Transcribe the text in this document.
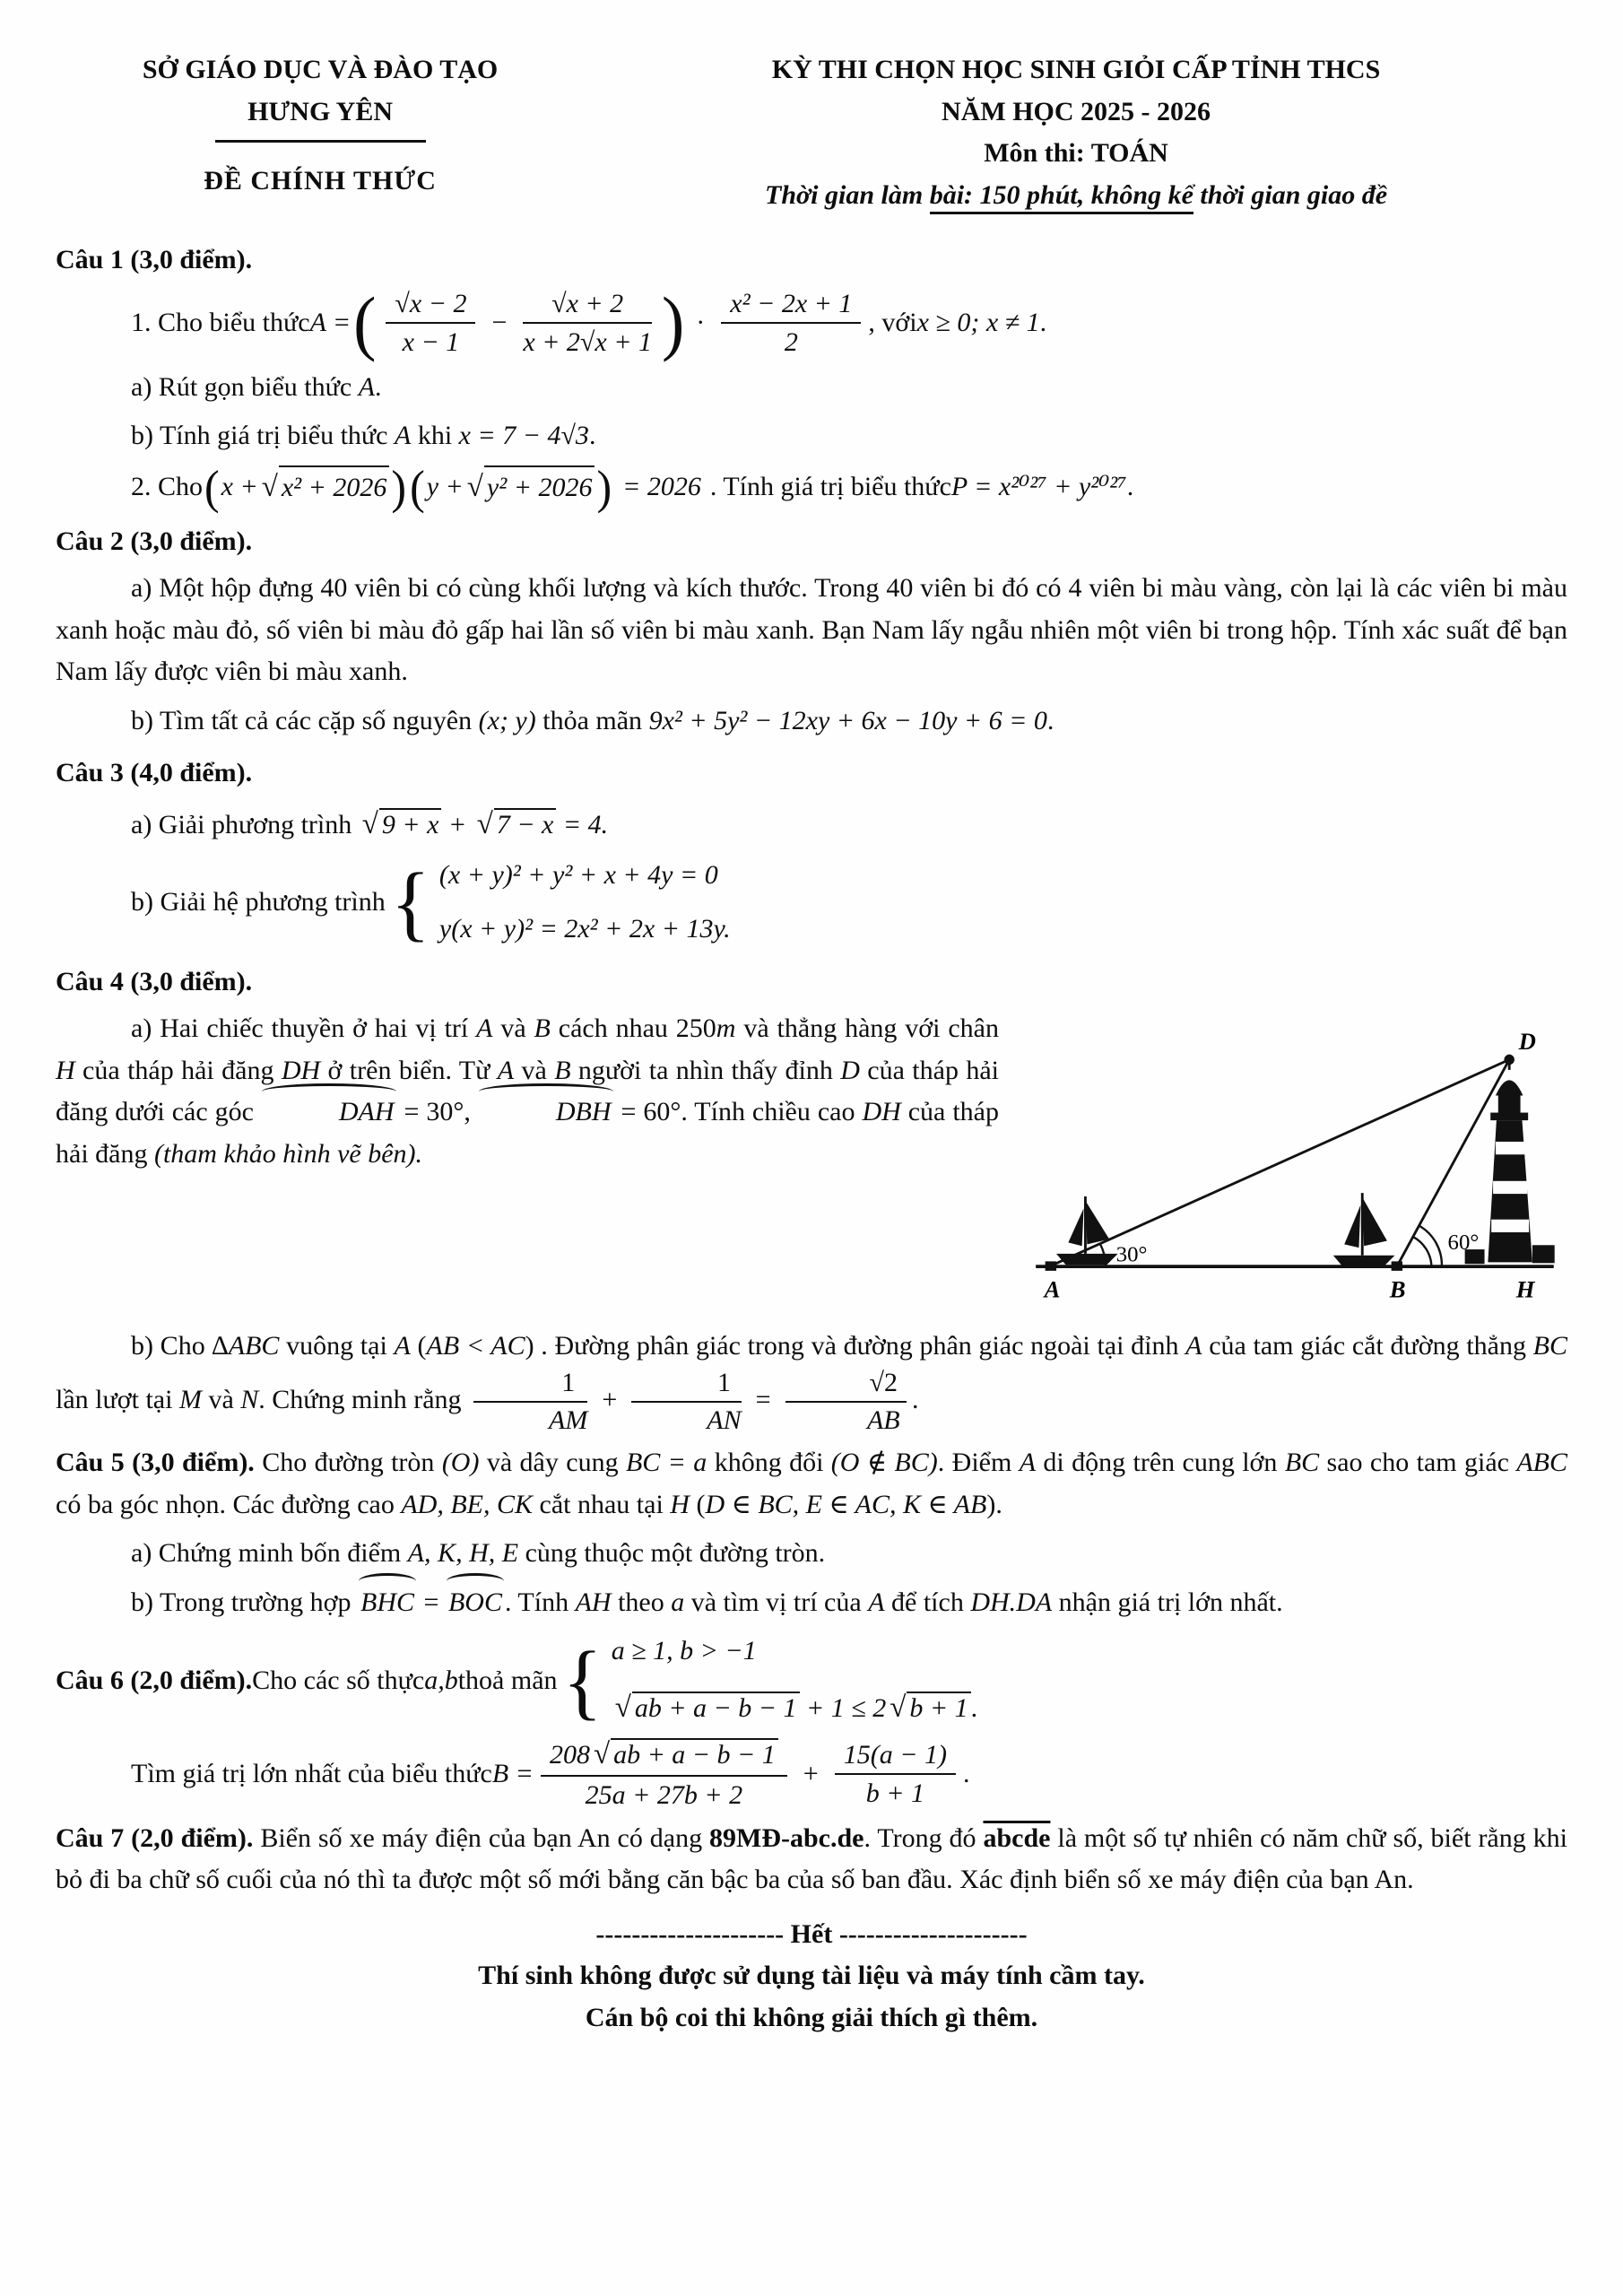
SỞ GIÁO DỤC VÀ ĐÀO TẠO
HƯNG YÊN
ĐỀ CHÍNH THỨC
KỲ THI CHỌN HỌC SINH GIỎI CẤP TỈNH THCS
NĂM HỌC 2025 - 2026
Môn thi: TOÁN
Thời gian làm bài: 150 phút, không kể thời gian giao đề
Câu 1 (3,0 điểm).
1. Cho biểu thức A = ( $\frac{√x - 2}{x - 1} - \frac{√x + 2}{x + 2√x + 1}$ ) · $\frac{\text{x² − 2x + 1}}{2}$ , với x ≥ 0; x ≠ 1 .
a) Rút gọn biểu thức A.
b) Tính giá trị biểu thức A khi x = 7 − 4√3.
2. Cho ( x + √ x² + 2026 ) ( y + √ y² + 2026 ) = 2026 . Tính giá trị biểu thức P = x²⁰²⁷ + y²⁰²⁷ .
Câu 2 (3,0 điểm).
a) Một hộp đựng 40 viên bi có cùng khối lượng và kích thước. Trong 40 viên bi đó có 4 viên bi màu vàng, còn lại là các viên bi màu xanh hoặc màu đỏ, số viên bi màu đỏ gấp hai lần số viên bi màu xanh. Bạn Nam lấy ngẫu nhiên một viên bi trong hộp. Tính xác suất để bạn Nam lấy được viên bi màu xanh.
b) Tìm tất cả các cặp số nguyên (x; y) thỏa mãn 9x² + 5y² − 12xy + 6x − 10y + 6 = 0.
Câu 3 (4,0 điểm).
a) Giải phương trình √ 9 + x + √ 7 − x = 4.
b) Giải hệ phương trình { (x + y)² + y² + x + 4y = 0
y(x + y)² = 2x² + 2x + 13y.
Câu 4 (3,0 điểm).
D
A	B	H
30°	60°
a) Hai chiếc thuyền ở hai vị trí A và B cách nhau 250m và thẳng hàng với chân H của tháp hải đăng DH ở trên biển. Từ A và B người ta nhìn thấy đỉnh D của tháp hải đăng dưới các góc	DAH = 30°,	DBH = 60°. Tính chiều cao DH của tháp hải đăng (tham khảo hình vẽ bên).
b) Cho ∆ABC vuông tại A (AB < AC) . Đường phân giác trong và đường phân giác ngoài tại đỉnh A của tam giác cắt đường thẳng BC lần lượt tại M và N. Chứng minh rằng $\frac{1}{AM} + \frac{1}{AN} = \frac{√2}{AB}$ .
Câu 5 (3,0 điểm). Cho đường tròn (O) và dây cung BC = a không đổi (O ∉ BC). Điểm A di động trên cung lớn BC sao cho tam giác ABC có ba góc nhọn. Các đường cao AD, BE, CK cắt nhau tại H (D ∈ BC, E ∈ AC, K ∈ AB).
a) Chứng minh bốn điểm A, K, H, E cùng thuộc một đường tròn.
b) Trong trường hợp BHC = BOC . Tính AH theo a và tìm vị trí của A để tích DH.DA nhận giá trị lớn nhất.
Câu 6 (2,0 điểm). Cho các số thực a,b thoả mãn { a ≥ 1, b > −1
√ ab + a − b − 1 + 1 ≤ 2 √ b + 1 .
Tìm giá trị lớn nhất của biểu thức $B = \frac{208 √ ab + a - b - 1}{25a + 27b + 2} + \frac{15(a - 1)}{b + 1}$ .
Câu 7 (2,0 điểm). Biển số xe máy điện của bạn An có dạng 89MĐ-abc.de. Trong đó abcde là một số tự nhiên có năm chữ số, biết rằng khi bỏ đi ba chữ số cuối của nó thì ta được một số mới bằng căn bậc ba của số ban đầu. Xác định biển số xe máy điện của bạn An.
--------------------- Hết ---------------------
Thí sinh không được sử dụng tài liệu và máy tính cầm tay.
Cán bộ coi thi không giải thích gì thêm.
